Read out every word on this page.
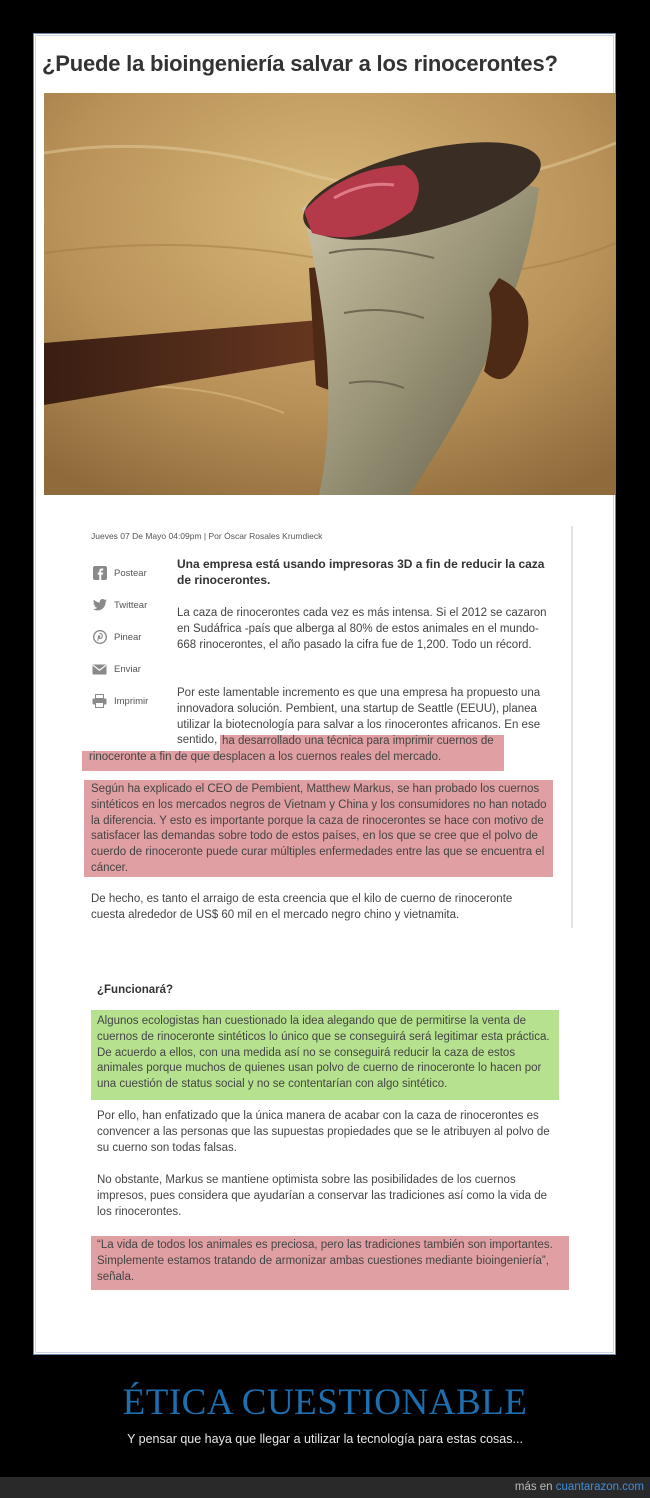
¿Puede la bioingeniería salvar a los rinocerontes?
Jueves 07 De Mayo 04:09pm | Por Óscar Rosales Krumdieck
Postear
Twittear
Pinear
Enviar
Imprimir
Una empresa está usando impresoras 3D a fin de reducir la caza de rinocerontes.
La caza de rinocerontes cada vez es más intensa. Si el 2012 se cazaron en Sudáfrica -país que alberga al 80% de estos animales en el mundo- 668 rinocerontes, el año pasado la cifra fue de 1,200. Todo un récord.
Por este lamentable incremento es que una empresa ha propuesto una innovadora solución. Pembient, una startup de Seattle (EEUU), planea utilizar la biotecnología para salvar a los rinocerontes africanos. En ese sentido, ha desarrollado una técnica para imprimir cuernos de rinoceronte a fin de que desplacen a los cuernos reales del mercado.
Según ha explicado el CEO de Pembient, Matthew Markus, se han probado los cuernos sintéticos en los mercados negros de Vietnam y China y los consumidores no han notado la diferencia. Y esto es importante porque la caza de rinocerontes se hace con motivo de satisfacer las demandas sobre todo de estos países, en los que se cree que el polvo de cuerdo de rinoceronte puede curar múltiples enfermedades entre las que se encuentra el cáncer.
De hecho, es tanto el arraigo de esta creencia que el kilo de cuerno de rinoceronte cuesta alrededor de US$ 60 mil en el mercado negro chino y vietnamita.
¿Funcionará?
Algunos ecologistas han cuestionado la idea alegando que de permitirse la venta de cuernos de rinoceronte sintéticos lo único que se conseguirá será legitimar esta práctica. De acuerdo a ellos, con una medida así no se conseguirá reducir la caza de estos animales porque muchos de quienes usan polvo de cuerno de rinoceronte lo hacen por una cuestión de status social y no se contentarían con algo sintético.
Por ello, han enfatizado que la única manera de acabar con la caza de rinocerontes es convencer a las personas que las supuestas propiedades que se le atribuyen al polvo de su cuerno son todas falsas.
No obstante, Markus se mantiene optimista sobre las posibilidades de los cuernos impresos, pues considera que ayudarían a conservar las tradiciones así como la vida de los rinocerontes.
“La vida de todos los animales es preciosa, pero las tradiciones también son importantes. Simplemente estamos tratando de armonizar ambas cuestiones mediante bioingeniería”, señala.
ÉTICA CUESTIONABLE
Y pensar que haya que llegar a utilizar la tecnología para estas cosas...
más en cuantarazon.com
